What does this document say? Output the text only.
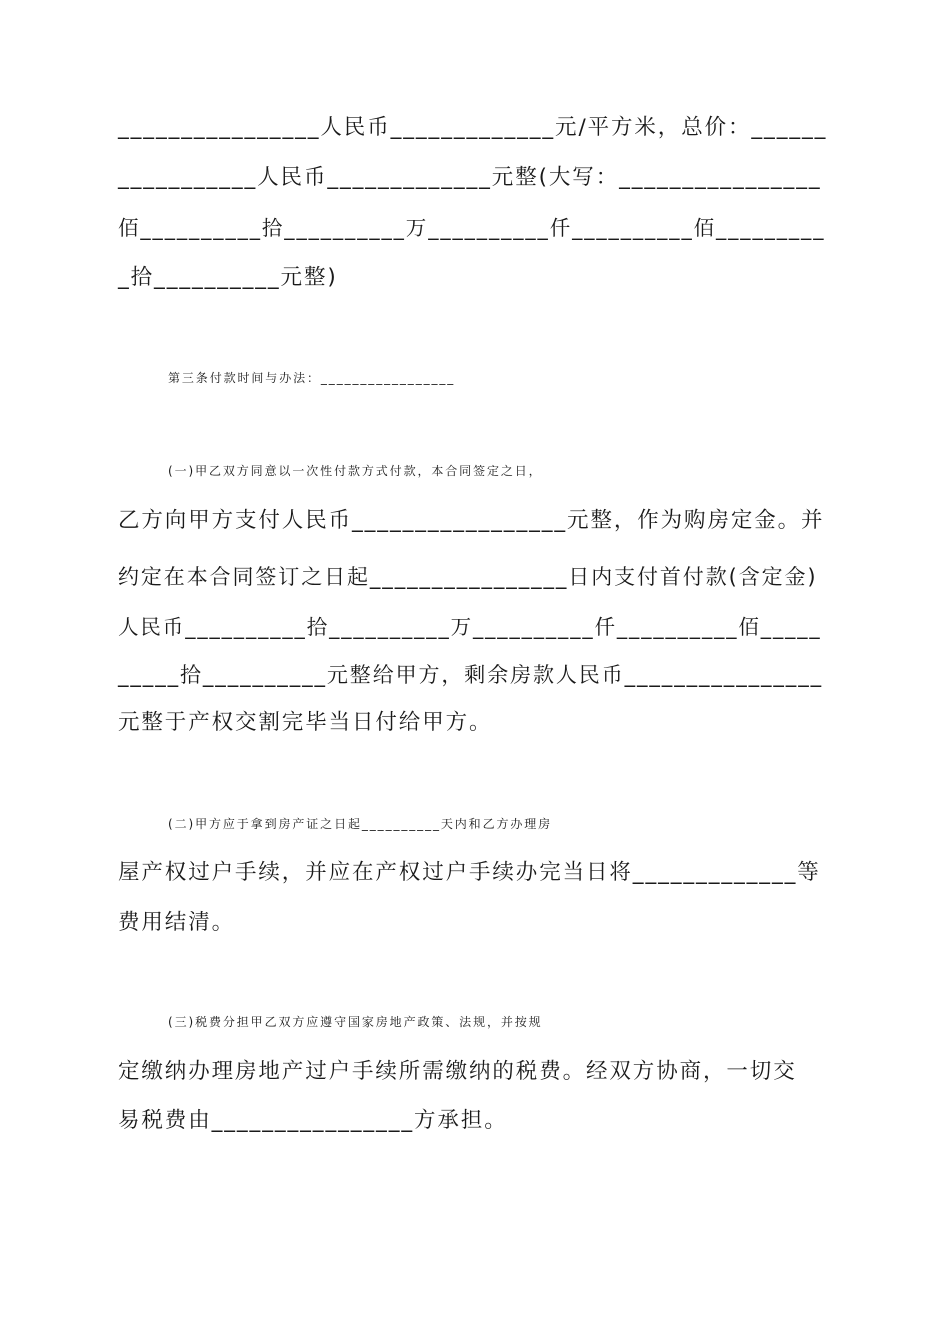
________________人民币_____________元/平方米，总价：______
___________人民币_____________元整(大写：________________
佰__________拾__________万__________仟__________佰_________
_拾__________元整)
第三条付款时间与办法：_________________
(一)甲乙双方同意以一次性付款方式付款，本合同签定之日，
乙方向甲方支付人民币_________________元整，作为购房定金。并
约定在本合同签订之日起________________日内支付首付款(含定金)
人民币__________拾__________万__________仟__________佰_____
_____拾__________元整给甲方，剩余房款人民币________________
元整于产权交割完毕当日付给甲方。
(二)甲方应于拿到房产证之日起__________天内和乙方办理房
屋产权过户手续，并应在产权过户手续办完当日将_____________等
费用结清。
(三)税费分担甲乙双方应遵守国家房地产政策、法规，并按规
定缴纳办理房地产过户手续所需缴纳的税费。经双方协商，一切交
易税费由________________方承担。
